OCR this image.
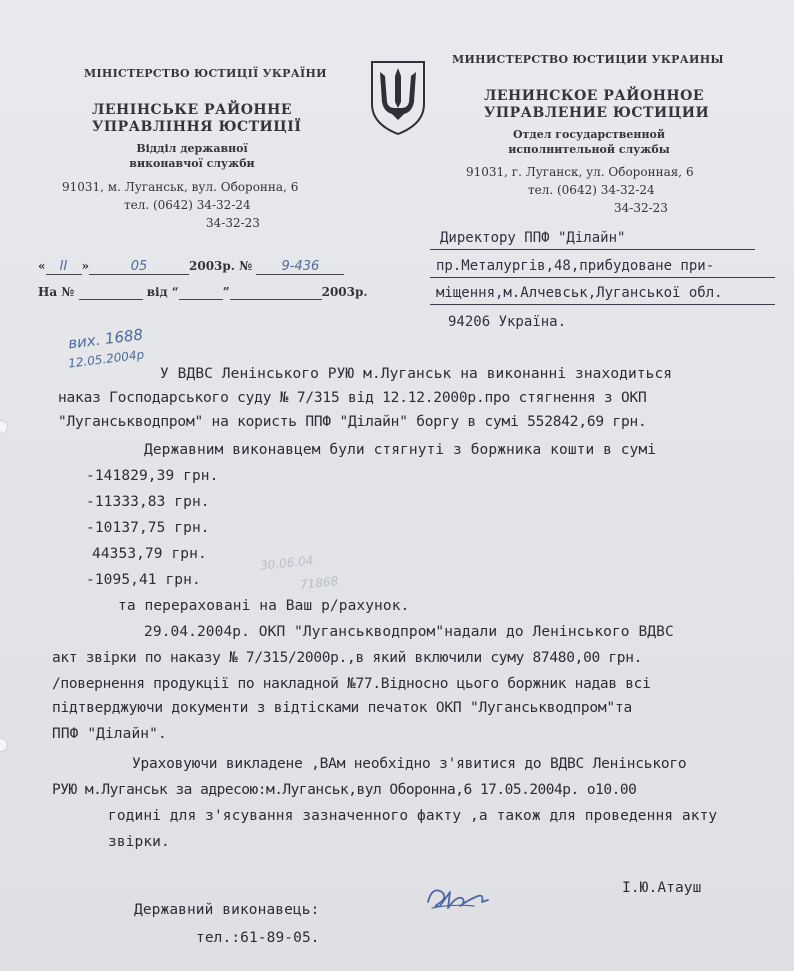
МІНІСТЕРСТВО ЮСТИЦІЇ УКРАЇНИ
ЛЕНІНСЬКЕ РАЙОННЕ
УПРАВЛІННЯ ЮСТИЦІЇ
Відділ державної
виконавчої служби
91031, м. Луганськ, вул. Оборонна, 6
тел. (0642) 34-32-24
34-32-23
МИНИСТЕРСТВО ЮСТИЦИИ УКРАИНЫ
ЛЕНИНСКОЕ РАЙОННОЕ
УПРАВЛЕНИЕ ЮСТИЦИИ
Отдел государственной
исполнительной службы
91031, г. Луганск, ул. Оборонная, 6
тел. (0642) 34-32-24
34-32-23
« II »	05	2003р. № 9-436
На №	від “	”	2003р.
вих. 1688
12.05.2004р
Директору ППФ "Ділайн"
пр.Металургів,48,прибудоване при-
міщення,м.Алчевськ,Луганської обл.
94206 Україна.
У ВДВС Ленінського РУЮ м.Луганськ на виконанні знаходиться
наказ Господарського суду № 7/315 від 12.12.2000р.про стягнення з ОКП
"Луганськводпром" на користь ППФ "Ділайн" боргу в сумі 552842,69 грн.
Державним виконавцем були стягнуті з боржника кошти в сумі
-141829,39 грн.
-11333,83 грн.
-10137,75 грн.
44353,79 грн.
-1095,41 грн.
30.06.04
71868
та перераховані на Ваш р/рахунок.
29.04.2004р. ОКП "Луганськводпром"надали до Ленінського ВДВС
акт звірки по наказу № 7/315/2000р.,в який включили суму 87480,00 грн.
/повернення продукції по накладной №77.Відносно цього боржник надав всі
підтверджуючи документи з відтісками печаток ОКП "Луганськводпром"та
ППФ "Ділайн".
Ураховуючи викладене ,ВАм необхідно з'явитися до ВДВС Ленінського
РУЮ м.Луганськ за адресою:м.Луганськ,вул Оборонна,6 17.05.2004р. о10.00
годині для з'ясування зазначенного факту ,а також для проведення акту
звірки.
Державний виконавець:
І.Ю.Атауш
тел.:61-89-05.
